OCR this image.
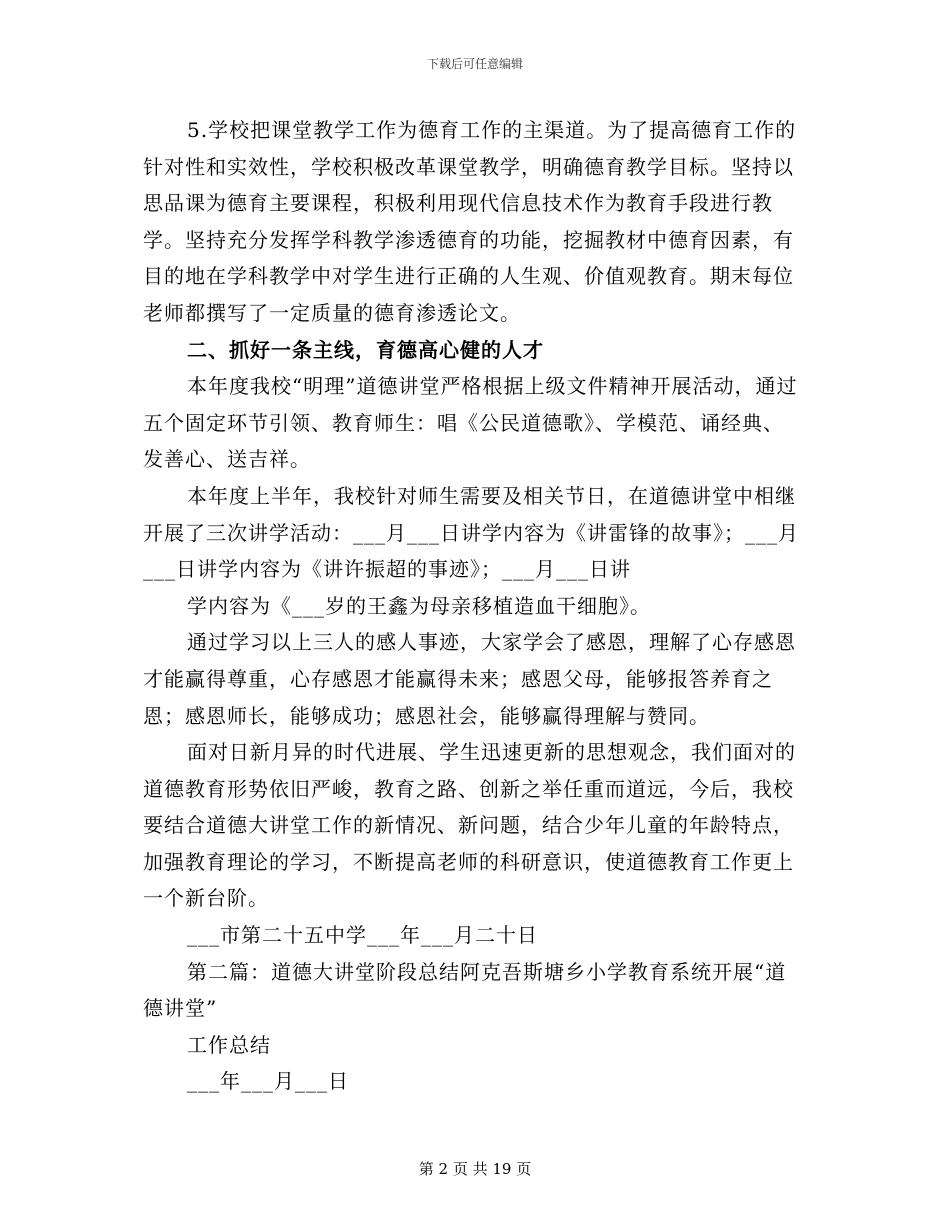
下载后可任意编辑

5.学校把课堂教学工作为德育工作的主渠道。为了提高德育工作的针对性和实效性，学校积极改革课堂教学，明确德育教学目标。坚持以思品课为德育主要课程，积极利用现代信息技术作为教育手段进行教学。坚持充分发挥学科教学渗透德育的功能，挖掘教材中德育因素，有目的地在学科教学中对学生进行正确的人生观、价值观教育。期末每位老师都撰写了一定质量的德育渗透论文。

二、抓好一条主线，育德高心健的人才

本年度我校“明理”道德讲堂严格根据上级文件精神开展活动，通过五个固定环节引领、教育师生：唱《公民道德歌》、学模范、诵经典、发善心、送吉祥。

本年度上半年，我校针对师生需要及相关节日，在道德讲堂中相继开展了三次讲学活动：___月___日讲学内容为《讲雷锋的故事》；___月___日讲学内容为《讲许振超的事迹》；___月___日讲

学内容为《___岁的王鑫为母亲移植造血干细胞》。

通过学习以上三人的感人事迹，大家学会了感恩，理解了心存感恩才能赢得尊重，心存感恩才能赢得未来；感恩父母，能够报答养育之恩；感恩师长，能够成功；感恩社会，能够赢得理解与赞同。

面对日新月异的时代进展、学生迅速更新的思想观念，我们面对的道德教育形势依旧严峻，教育之路、创新之举任重而道远，今后，我校要结合道德大讲堂工作的新情况、新问题，结合少年儿童的年龄特点，加强教育理论的学习，不断提高老师的科研意识，使道德教育工作更上一个新台阶。

___市第二十五中学___年___月二十日

第二篇：道德大讲堂阶段总结阿克吾斯塘乡小学教育系统开展“道德讲堂”

工作总结

___年___月___日

第 2 页 共 19 页
